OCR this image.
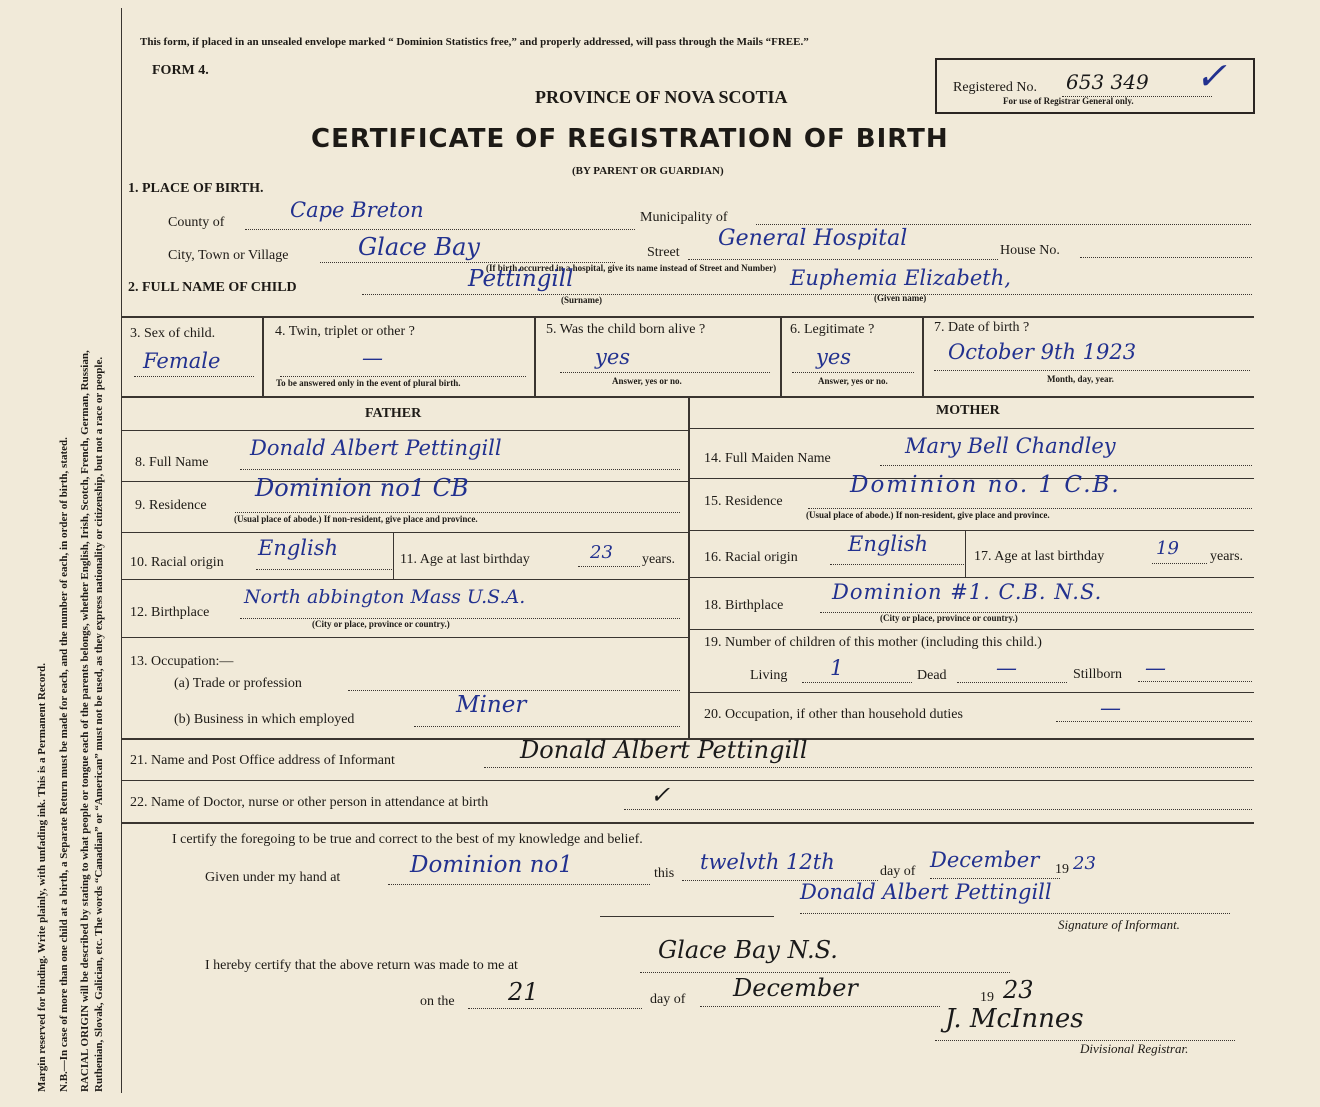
Margin reserved for binding. Write plainly, with unfading ink. This is a Permanent Record. N.B.—In case of more than one child at a birth, a Separate Return must be made for each, and the number of each, in order of birth, stated. RACIAL ORIGIN will be described by stating to what people or tongue each of the parents belongs, whether English, Irish, Scotch, French, German, Russian, Ruthenian, Slovak, Galician, etc. The words “Canadian” or “American” must not be used, as they express nationality or citizenship, but not a race or people.
This form, if placed in an unsealed envelope marked “ Dominion Statistics free,” and properly addressed, will pass through the Mails “FREE.”
FORM 4.
Registered No. 653 349 ✓
For use of Registrar General only.
PROVINCE OF NOVA SCOTIA
CERTIFICATE OF REGISTRATION OF BIRTH
(BY PARENT OR GUARDIAN)
1. PLACE OF BIRTH.
County of
Cape Breton	Municipality of
City, Town or Village	Glace Bay	Street
General Hospital	House No.
(If birth occurred in a hospital, give its name instead of Street and Number)
2. FULL NAME OF CHILD	Pettingill
(Surname)
Euphemia Elizabeth,
(Given name)
3. Sex of child.
Female
4. Twin, triplet or other ?
—
To be answered only in the event of plural birth.
5. Was the child born alive ?
yes
Answer, yes or no.
6. Legitimate ?
yes
Answer, yes or no.
7. Date of birth ?
October 9th 1923
Month, day, year.
FATHER	MOTHER
8. Full Name
Donald Albert Pettingill
9. Residence
Dominion no1 CB
(Usual place of abode.) If non-resident, give place and province.
10. Racial origin
English	11. Age at last birthday	23 years.
12. Birthplace
North abbington Mass U.S.A.
(City or place, province or country.)
13. Occupation:—
(a) Trade or profession
(b) Business in which employed
Miner
14. Full Maiden Name
Mary Bell Chandley
15. Residence
Dominion no. 1 C.B.
(Usual place of abode.) If non-resident, give place and province.
16. Racial origin
English
17. Age at last birthday	19 years.
18. Birthplace
Dominion #1. C.B. N.S.
(City or place, province or country.)
19. Number of children of this mother (including this child.)
Living 1	Dead —	Stillborn —
20. Occupation, if other than household duties	—
21. Name and Post Office address of Informant	Donald Albert Pettingill
22. Name of Doctor, nurse or other person in attendance at birth	✓
I certify the foregoing to be true and correct to the best of my knowledge and belief.
Given under my hand at	Dominion no1	this twelvth 12th	day of December 19 23
Donald Albert Pettingill
Signature of Informant.
I hereby certify that the above return was made to me at
Glace Bay N.S.
on the 21	day of December	19 23
J. McInnes
Divisional Registrar.
